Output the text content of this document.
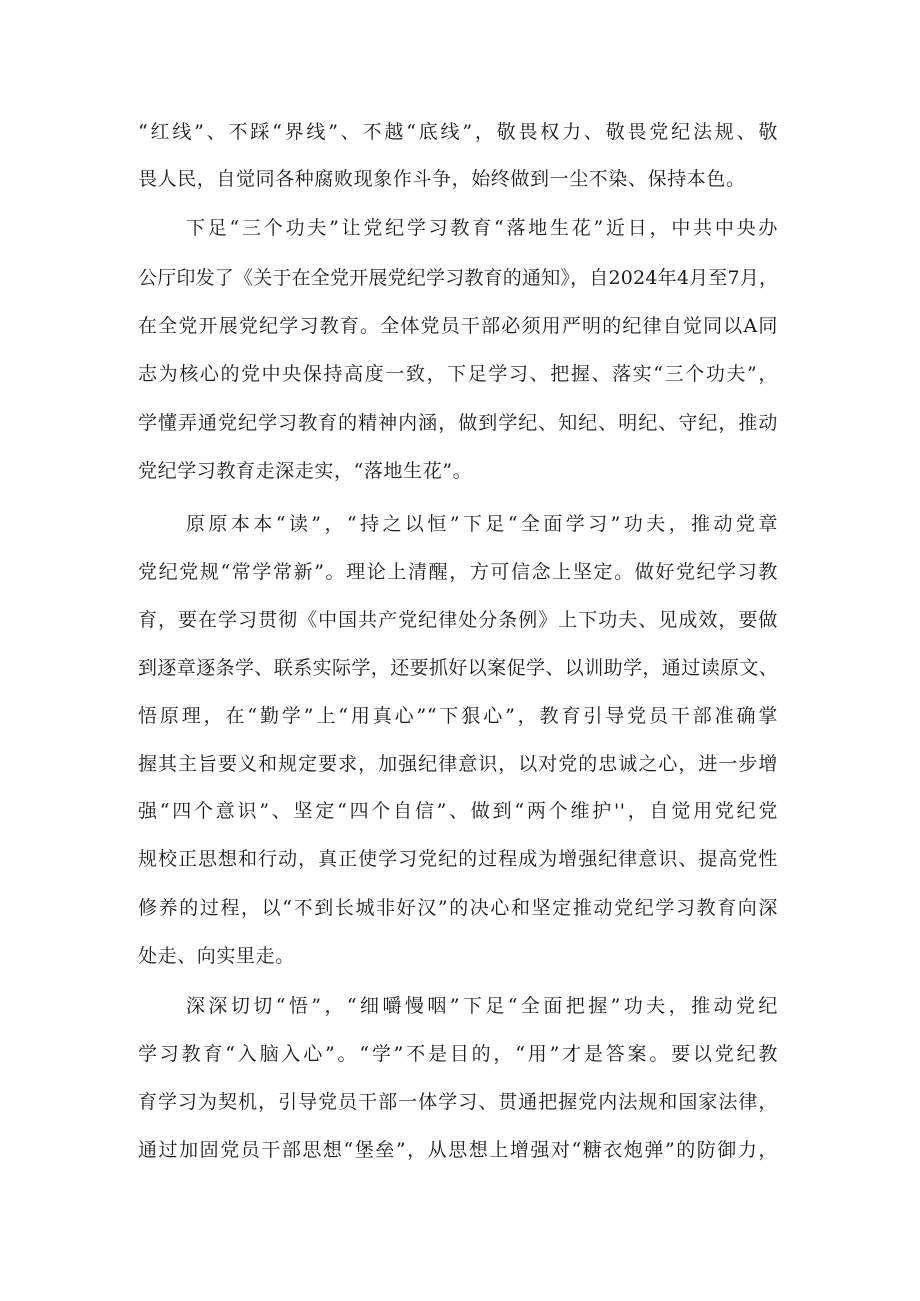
“红线”、不踩“界线”、不越“底线”，敬畏权力、敬畏党纪法规、敬
畏人民，自觉同各种腐败现象作斗争，始终做到一尘不染、保持本色。
下足“三个功夫”让党纪学习教育“落地生花”近日，中共中央办
公厅印发了《关于在全党开展党纪学习教育的通知》，自2024年4月至7月，
在全党开展党纪学习教育。全体党员干部必须用严明的纪律自觉同以A同
志为核心的党中央保持高度一致，下足学习、把握、落实“三个功夫”，
学懂弄通党纪学习教育的精神内涵，做到学纪、知纪、明纪、守纪，推动
党纪学习教育走深走实，“落地生花”。
原原本本“读”，“持之以恒”下足“全面学习”功夫，推动党章
党纪党规“常学常新”。理论上清醒，方可信念上坚定。做好党纪学习教
育，要在学习贯彻《中国共产党纪律处分条例》上下功夫、见成效，要做
到逐章逐条学、联系实际学，还要抓好以案促学、以训助学，通过读原文、
悟原理，在“勤学”上“用真心”“下狠心”，教育引导党员干部准确掌
握其主旨要义和规定要求，加强纪律意识，以对党的忠诚之心，进一步增
强“四个意识”、坚定“四个自信”、做到“两个维护''，自觉用党纪党
规校正思想和行动，真正使学习党纪的过程成为增强纪律意识、提高党性
修养的过程，以“不到长城非好汉”的决心和坚定推动党纪学习教育向深
处走、向实里走。
深深切切“悟”，“细嚼慢咽”下足“全面把握”功夫，推动党纪
学习教育“入脑入心”。“学”不是目的，“用”才是答案。要以党纪教
育学习为契机，引导党员干部一体学习、贯通把握党内法规和国家法律，
通过加固党员干部思想“堡垒”，从思想上增强对“糖衣炮弹”的防御力，
